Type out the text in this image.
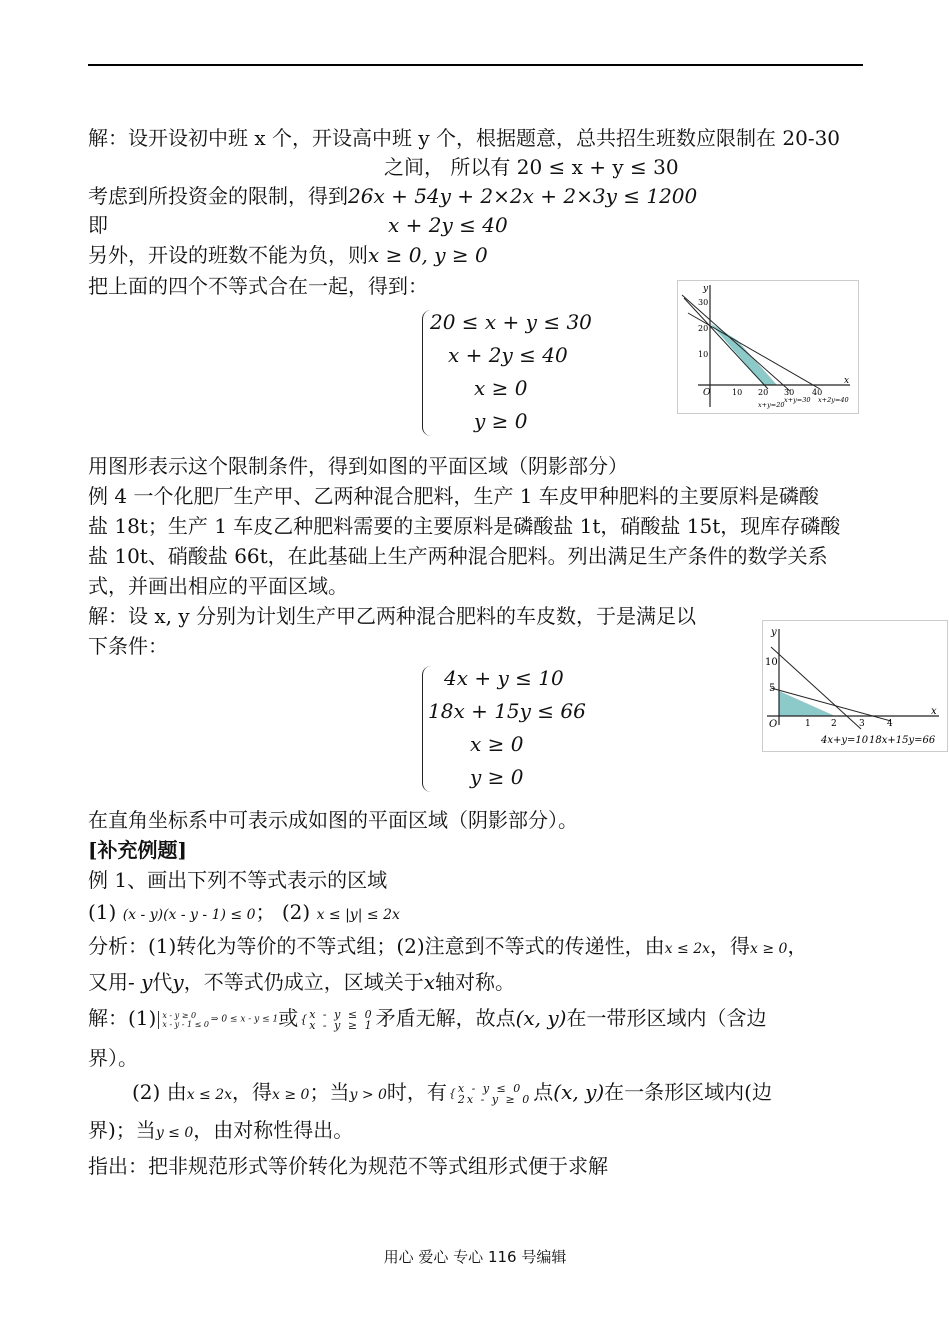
解：设开设初中班 x 个，开设高中班 y 个，根据题意，总共招生班数应限制在 20-30
之间， 所以有 20 ≤ x + y ≤ 30
考虑到所投资金的限制，得到26x + 54y + 2×2x + 2×3y ≤ 1200
即	x + 2y ≤ 40
另外，开设的班数不能为负，则x ≥ 0, y ≥ 0
把上面的四个不等式合在一起，得到：
20 ≤ x + y ≤ 30
x + 2y ≤ 40
x ≥ 0
y ≥ 0
y
x
O
30
20
10
10 20 30 40
x+y=30 x+2y=40
x+y=20
用图形表示这个限制条件，得到如图的平面区域（阴影部分）
例 4 一个化肥厂生产甲、乙两种混合肥料，生产 1 车皮甲种肥料的主要原料是磷酸
盐 18t；生产 1 车皮乙种肥料需要的主要原料是磷酸盐 1t，硝酸盐 15t，现库存磷酸
盐 10t、硝酸盐 66t，在此基础上生产两种混合肥料。列出满足生产条件的数学关系
式，并画出相应的平面区域。
解：设 x, y 分别为计划生产甲乙两种混合肥料的车皮数，于是满足以
下条件：
4x + y ≤ 10
18x + 15y ≤ 66
x ≥ 0
y ≥ 0
y
x
O
10
5
1 2 3 4
4x+y=10 18x+15y=66
在直角坐标系中可表示成如图的平面区域（阴影部分）。
[补充例题]
例 1、画出下列不等式表示的区域
(1) (x - y)(x - y - 1) ≤ 0； (2) x ≤ |y| ≤ 2x
分析：(1)转化为等价的不等式组；(2)注意到不等式的传递性，由x ≤ 2x，得x ≥ 0，
又用- y代y，不等式仍成立，区域关于x轴对称。
解：(1) x - y ≥ 0
x - y - 1 ≤ 0 ⇒ 0 ≤ x - y ≤ 1或 {x - y ≤ 0
x - y ≥ 1 矛盾无解，故点(x, y)在一带形区域内（含边
界）。
(2) 由x ≤ 2x，得x ≥ 0；当y > 0时，有 {x - y ≤ 0
2x - y ≥ 0 点(x, y)在一条形区域内(边
界)；当y ≤ 0，由对称性得出。
指出：把非规范形式等价转化为规范不等式组形式便于求解
用心 爱心 专心 116 号编辑
